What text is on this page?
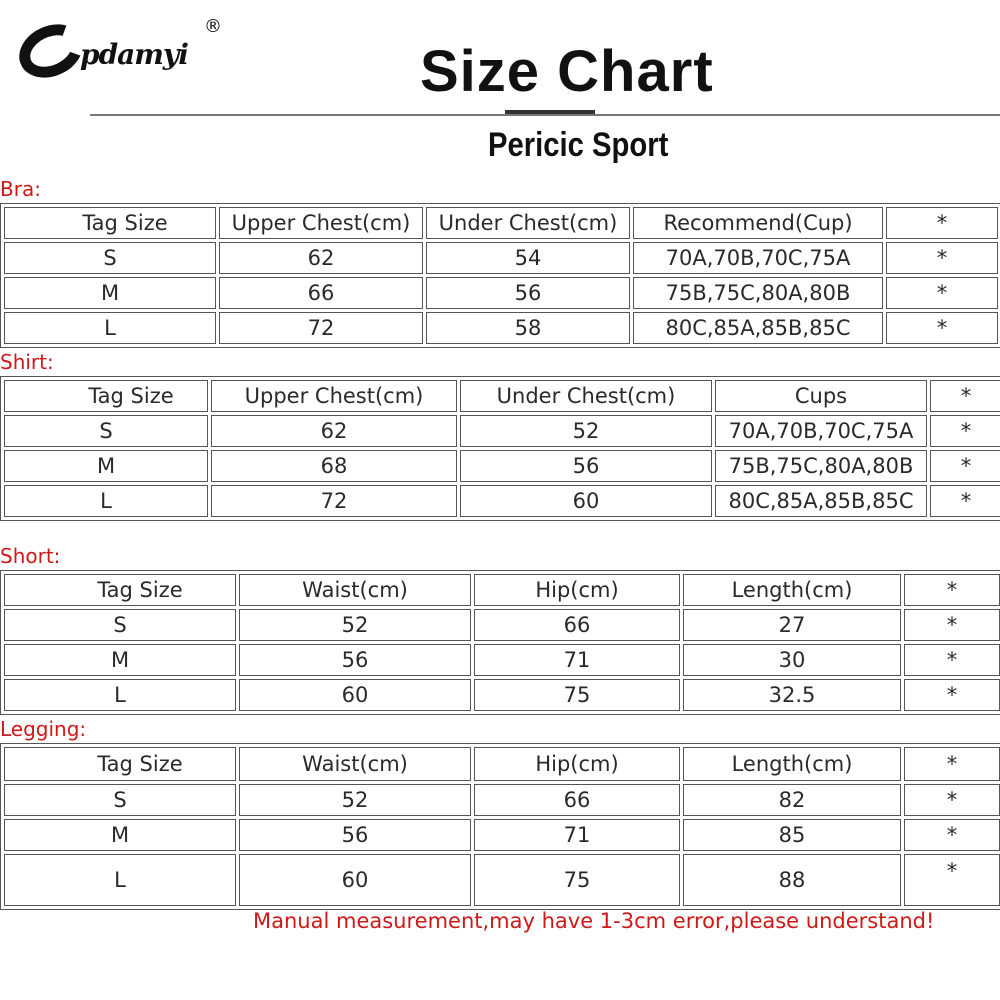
pdamyi
®
Size Chart
Pericic Sport
Bra:
Tag Size	Upper Chest(cm)	Under Chest(cm)	Recommend(Cup)	*
S	62	54	70A,70B,70C,75A	*
M	66	56	75B,75C,80A,80B	*
L	72	58	80C,85A,85B,85C	*
Shirt:
Tag Size	Upper Chest(cm)	Under Chest(cm)	Cups	*
S	62	52	70A,70B,70C,75A	*
M	68	56	75B,75C,80A,80B	*
L	72	60	80C,85A,85B,85C	*
Short:
Tag Size	Waist(cm)	Hip(cm)	Length(cm)	*
S	52	66	27	*
M	56	71	30	*
L	60	75	32.5	*
Legging:
Tag Size	Waist(cm)	Hip(cm)	Length(cm)	*
S	52	66	82	*
M	56	71	85	*
L	60	75	88	*

Manual measurement,may have 1-3cm error,please understand!
